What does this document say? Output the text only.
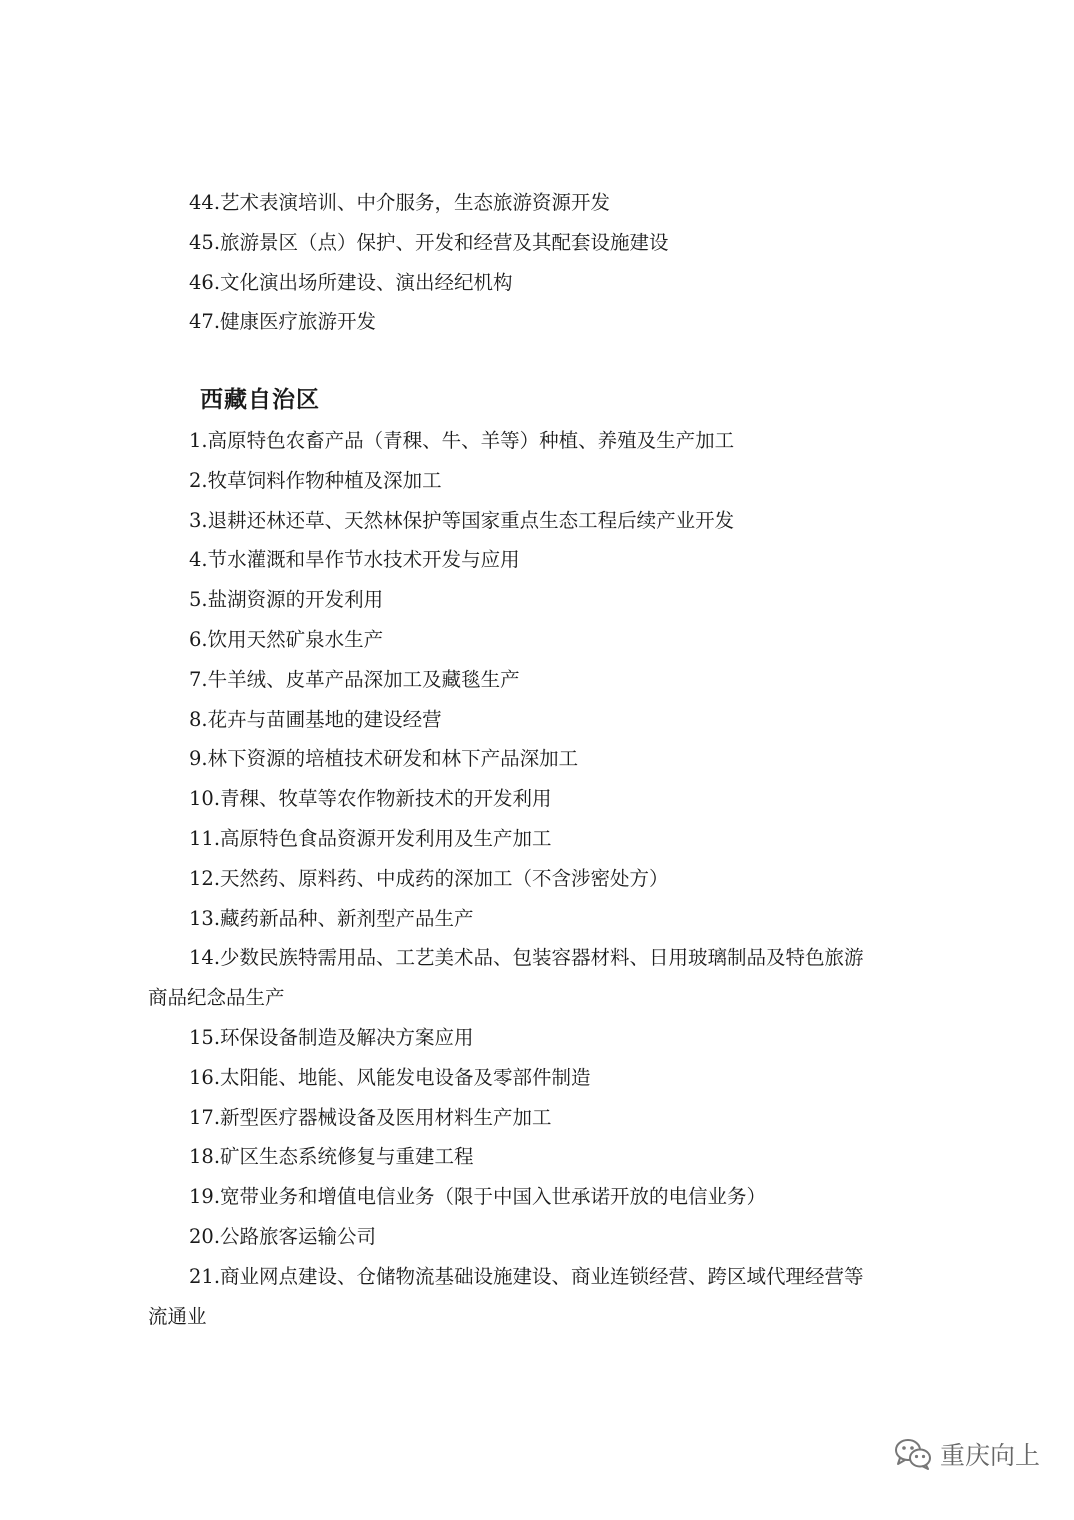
44.艺术表演培训、中介服务，生态旅游资源开发
45.旅游景区（点）保护、开发和经营及其配套设施建设
46.文化演出场所建设、演出经纪机构
47.健康医疗旅游开发
西藏自治区
1.高原特色农畜产品（青稞、牛、羊等）种植、养殖及生产加工
2.牧草饲料作物种植及深加工
3.退耕还林还草、天然林保护等国家重点生态工程后续产业开发
4.节水灌溉和旱作节水技术开发与应用
5.盐湖资源的开发利用
6.饮用天然矿泉水生产
7.牛羊绒、皮革产品深加工及藏毯生产
8.花卉与苗圃基地的建设经营
9.林下资源的培植技术研发和林下产品深加工
10.青稞、牧草等农作物新技术的开发利用
11.高原特色食品资源开发利用及生产加工
12.天然药、原料药、中成药的深加工（不含涉密处方）
13.藏药新品种、新剂型产品生产
14.少数民族特需用品、工艺美术品、包装容器材料、日用玻璃制品及特色旅游
商品纪念品生产
15.环保设备制造及解决方案应用
16.太阳能、地能、风能发电设备及零部件制造
17.新型医疗器械设备及医用材料生产加工
18.矿区生态系统修复与重建工程
19.宽带业务和增值电信业务（限于中国入世承诺开放的电信业务）
20.公路旅客运输公司
21.商业网点建设、仓储物流基础设施建设、商业连锁经营、跨区域代理经营等
流通业
重庆向上
